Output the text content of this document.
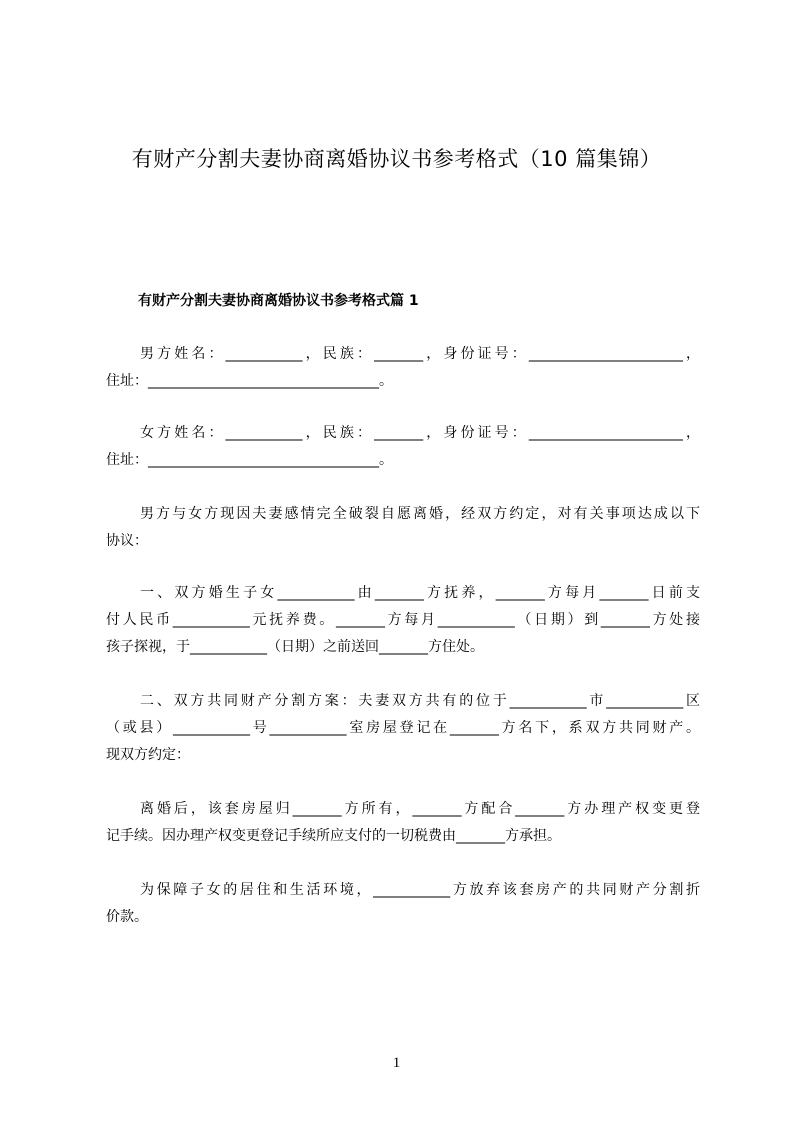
有财产分割夫妻协商离婚协议书参考格式（10 篇集锦）
有财产分割夫妻协商离婚协议书参考格式篇 1
男方姓名：___________，民族：_______，身份证号：______________________，
住址：_________________________________。
女方姓名：___________，民族：_______，身份证号：______________________，
住址：_________________________________。
男方与女方现因夫妻感情完全破裂自愿离婚，经双方约定，对有关事项达成以下
协议：
一、双方婚生子女___________由_______方抚养，_______方每月_______日前支
付人民币___________元抚养费。_______方每月___________（日期）到_______方处接
孩子探视，于___________（日期）之前送回_______方住处。
二、双方共同财产分割方案：夫妻双方共有的位于___________市___________区
（或县）___________号___________室房屋登记在_______方名下，系双方共同财产。
现双方约定：
离婚后，该套房屋归_______方所有，_______方配合_______方办理产权变更登
记手续。因办理产权变更登记手续所应支付的一切税费由_______方承担。
为保障子女的居住和生活环境，___________方放弃该套房产的共同财产分割折
价款。
1
